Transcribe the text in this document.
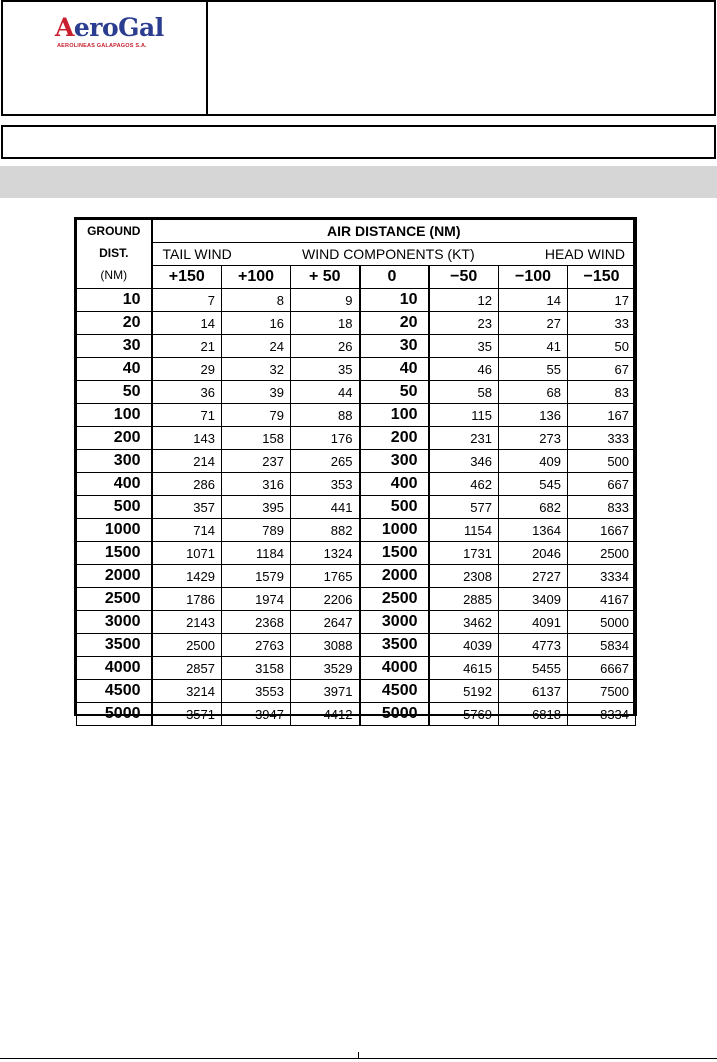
AeroGal
AEROLINEAS GALAPAGOS S.A.
GROUND
DIST.
(NM)	AIR DISTANCE (NM)						

	TAIL WIND WIND COMPONENTS (KT) HEAD WIND						

	+150	+100	+ 50	0	−50	−100	−150
10	7	8	9	10	12	14	17
20	14	16	18	20	23	27	33
30	21	24	26	30	35	41	50
40	29	32	35	40	46	55	67
50	36	39	44	50	58	68	83
100	71	79	88	100	115	136	167
200	143	158	176	200	231	273	333
300	214	237	265	300	346	409	500
400	286	316	353	400	462	545	667
500	357	395	441	500	577	682	833
1000	714	789	882	1000	1154	1364	1667
1500	1071	1184	1324	1500	1731	2046	2500
2000	1429	1579	1765	2000	2308	2727	3334
2500	1786	1974	2206	2500	2885	3409	4167
3000	2143	2368	2647	3000	3462	4091	5000
3500	2500	2763	3088	3500	4039	4773	5834
4000	2857	3158	3529	4000	4615	5455	6667
4500	3214	3553	3971	4500	5192	6137	7500
5000	3571	3947	4412	5000	5769	6818	8334
